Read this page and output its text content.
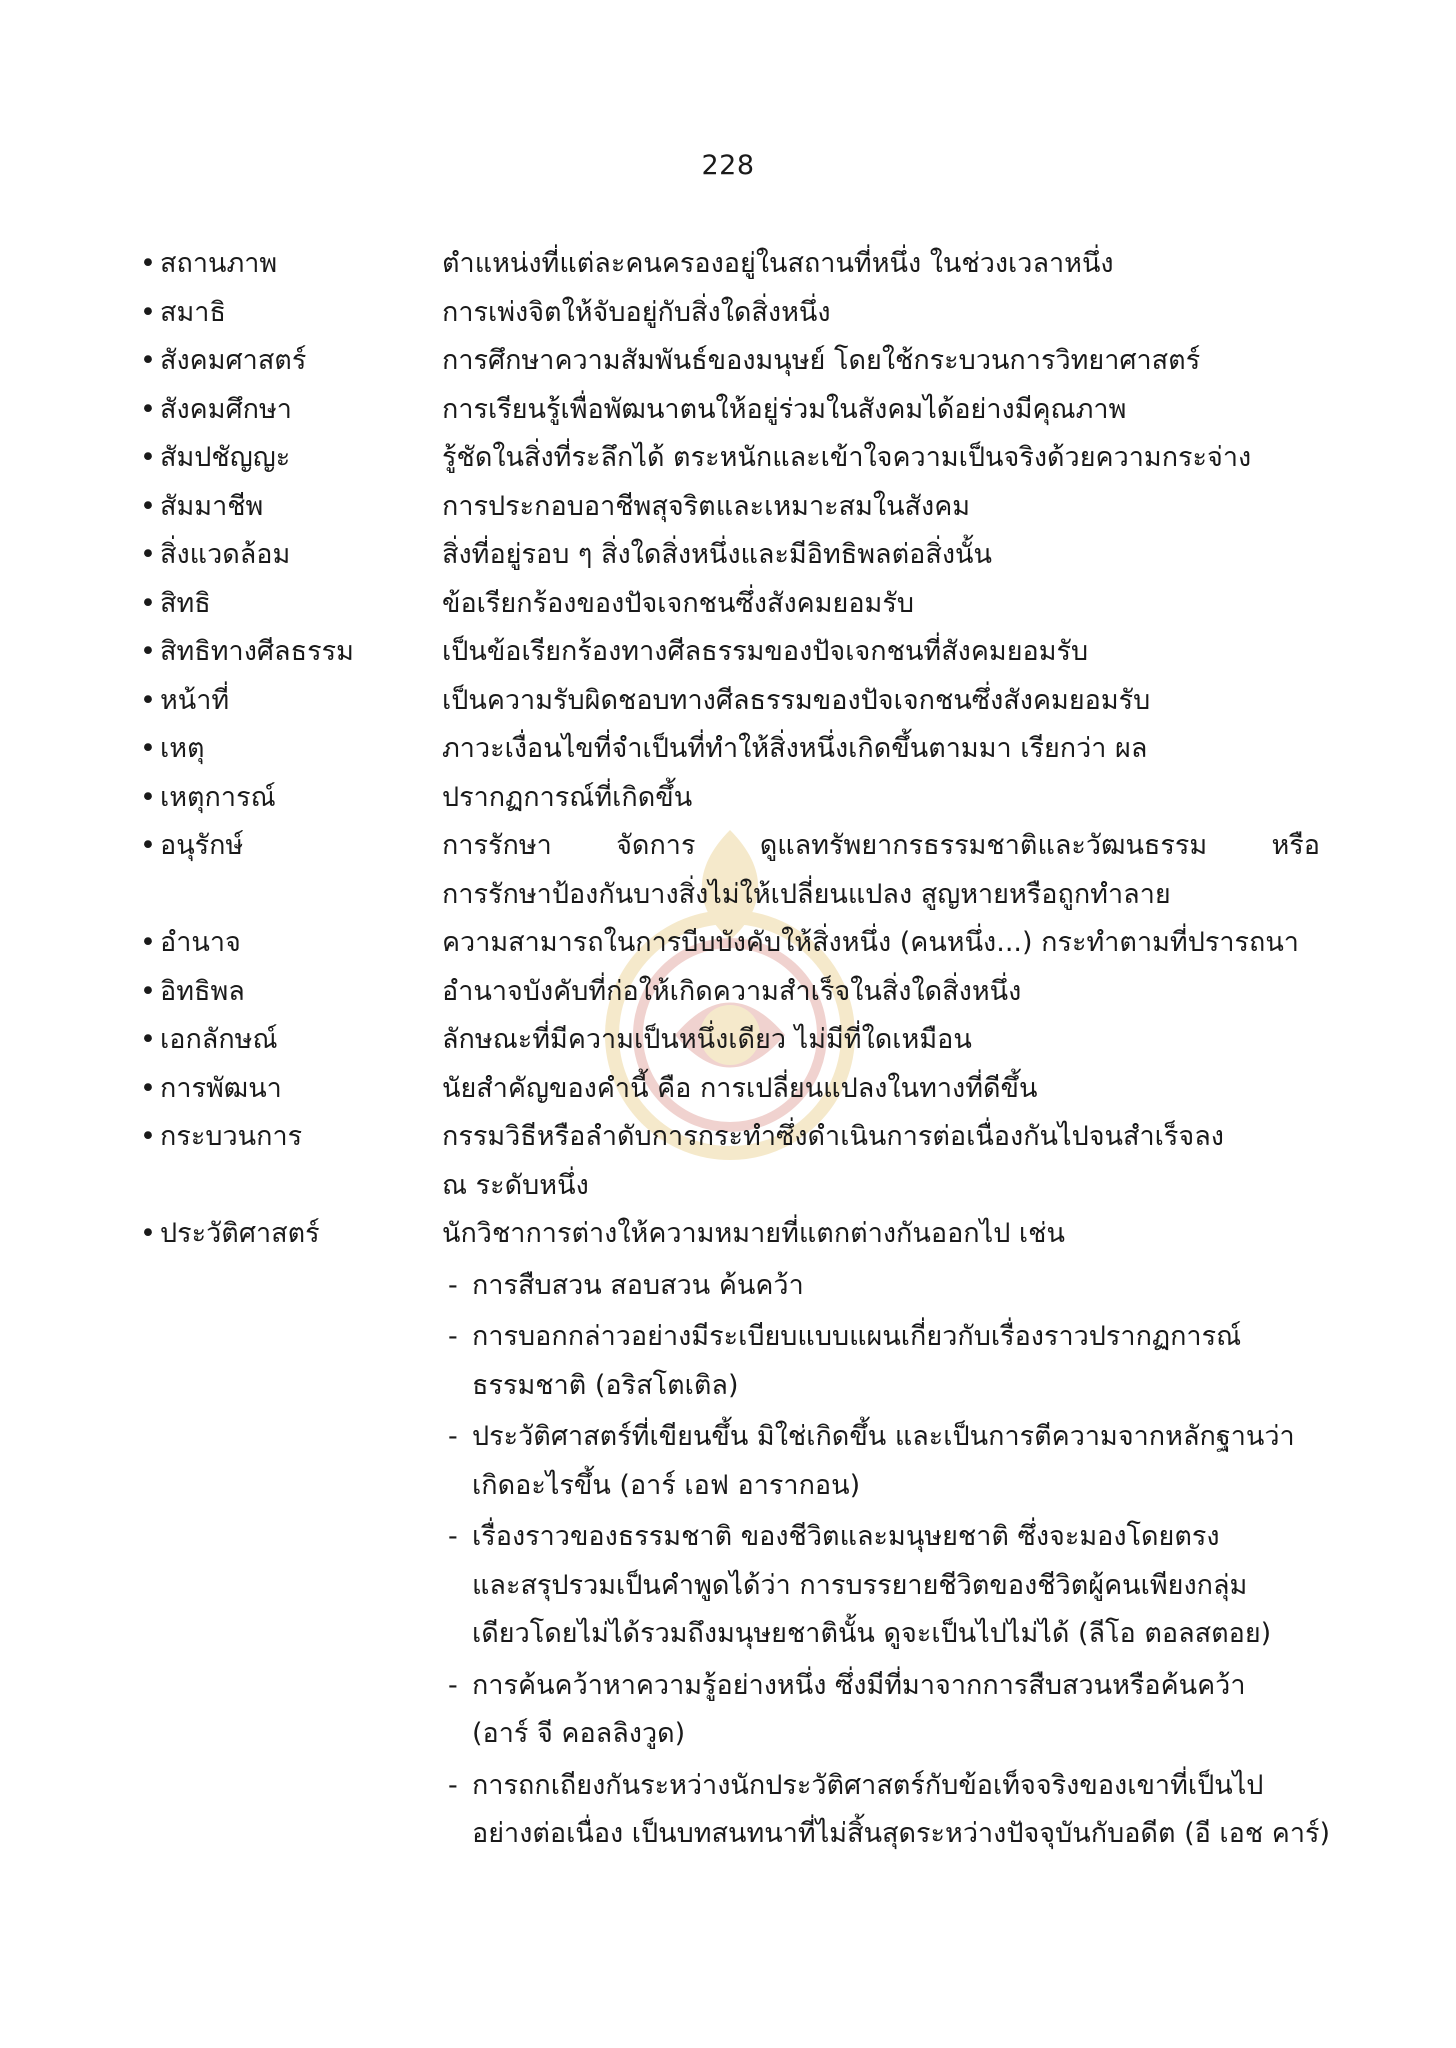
228
• สถานภาพ	ตำแหน่งที่แต่ละคนครองอยู่ในสถานที่หนึ่ง ในช่วงเวลาหนึ่ง
• สมาธิ	การเพ่งจิตให้จับอยู่กับสิ่งใดสิ่งหนึ่ง
• สังคมศาสตร์	การศึกษาความสัมพันธ์ของมนุษย์ โดยใช้กระบวนการวิทยาศาสตร์
• สังคมศึกษา	การเรียนรู้เพื่อพัฒนาตนให้อยู่ร่วมในสังคมได้อย่างมีคุณภาพ
• สัมปชัญญะ	รู้ชัดในสิ่งที่ระลึกได้ ตระหนักและเข้าใจความเป็นจริงด้วยความกระจ่าง
• สัมมาชีพ	การประกอบอาชีพสุจริตและเหมาะสมในสังคม
• สิ่งแวดล้อม	สิ่งที่อยู่รอบ ๆ สิ่งใดสิ่งหนึ่งและมีอิทธิพลต่อสิ่งนั้น
• สิทธิ	ข้อเรียกร้องของปัจเจกชนซึ่งสังคมยอมรับ
• สิทธิทางศีลธรรม	เป็นข้อเรียกร้องทางศีลธรรมของปัจเจกชนที่สังคมยอมรับ
• หน้าที่	เป็นความรับผิดชอบทางศีลธรรมของปัจเจกชนซึ่งสังคมยอมรับ
• เหตุ	ภาวะเงื่อนไขที่จำเป็นที่ทำให้สิ่งหนึ่งเกิดขึ้นตามมา เรียกว่า ผล
• เหตุการณ์	ปรากฏการณ์ที่เกิดขึ้น
• อนุรักษ์	การรักษา จัดการ ดูแลทรัพยากรธรรมชาติและวัฒนธรรม หรือ
การรักษาป้องกันบางสิ่งไม่ให้เปลี่ยนแปลง สูญหายหรือถูกทำลาย
• อำนาจ	ความสามารถในการบีบบังคับให้สิ่งหนึ่ง (คนหนึ่ง...) กระทำตามที่ปรารถนา
• อิทธิพล	อำนาจบังคับที่ก่อให้เกิดความสำเร็จในสิ่งใดสิ่งหนึ่ง
• เอกลักษณ์	ลักษณะที่มีความเป็นหนึ่งเดียว ไม่มีที่ใดเหมือน
• การพัฒนา	นัยสำคัญของคำนี้ คือ การเปลี่ยนแปลงในทางที่ดีขึ้น
• กระบวนการ	กรรมวิธีหรือลำดับการกระทำซึ่งดำเนินการต่อเนื่องกันไปจนสำเร็จลง
ณ ระดับหนึ่ง
• ประวัติศาสตร์	นักวิชาการต่างให้ความหมายที่แตกต่างกันออกไป เช่น
- การสืบสวน สอบสวน ค้นคว้า
- การบอกกล่าวอย่างมีระเบียบแบบแผนเกี่ยวกับเรื่องราวปรากฏการณ์
ธรรมชาติ (อริสโตเติล)
- ประวัติศาสตร์ที่เขียนขึ้น มิใช่เกิดขึ้น และเป็นการตีความจากหลักฐานว่า
เกิดอะไรขึ้น (อาร์ เอฟ อารากอน)
- เรื่องราวของธรรมชาติ ของชีวิตและมนุษยชาติ ซึ่งจะมองโดยตรง
และสรุปรวมเป็นคำพูดได้ว่า การบรรยายชีวิตของชีวิตผู้คนเพียงกลุ่ม
เดียวโดยไม่ได้รวมถึงมนุษยชาตินั้น ดูจะเป็นไปไม่ได้ (ลีโอ ตอลสตอย)
- การค้นคว้าหาความรู้อย่างหนึ่ง ซึ่งมีที่มาจากการสืบสวนหรือค้นคว้า
(อาร์ จี คอลลิงวูด)
- การถกเถียงกันระหว่างนักประวัติศาสตร์กับข้อเท็จจริงของเขาที่เป็นไป
อย่างต่อเนื่อง เป็นบทสนทนาที่ไม่สิ้นสุดระหว่างปัจจุบันกับอดีต (อี เอช คาร์)
